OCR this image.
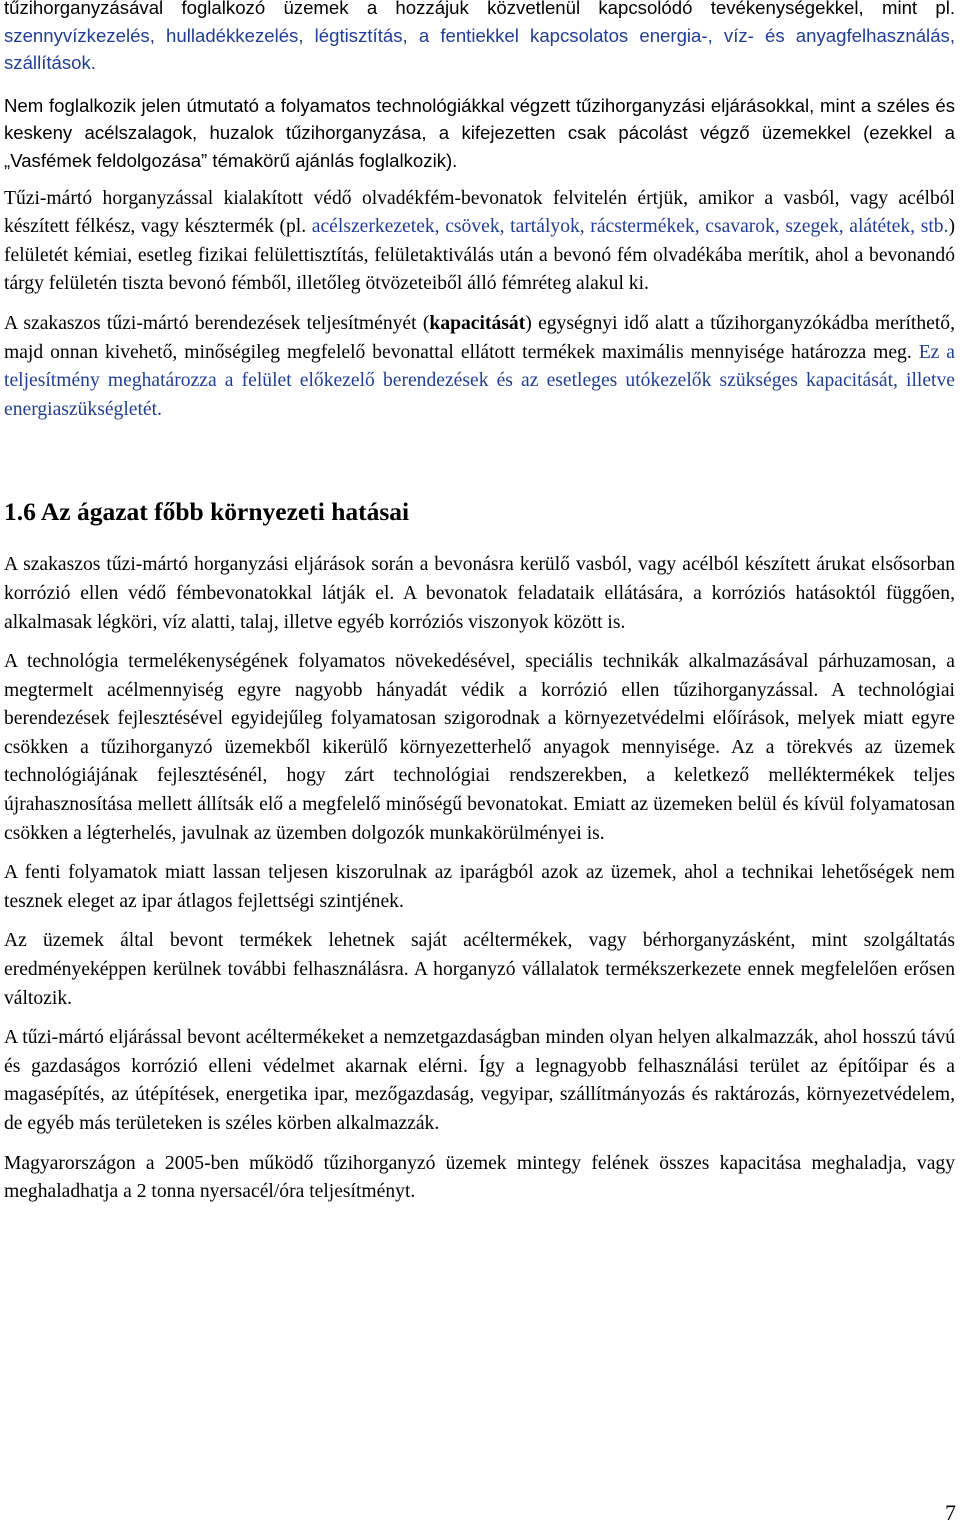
tűzihorganyzásával foglalkozó üzemek a hozzájuk közvetlenül kapcsolódó tevékenységekkel, mint pl. szennyvízkezelés, hulladékkezelés, légtisztítás, a fentiekkel kapcsolatos energia-, víz- és anyagfelhasználás, szállítások.

Nem foglalkozik jelen útmutató a folyamatos technológiákkal végzett tűzihorganyzási eljárásokkal, mint a széles és keskeny acélszalagok, huzalok tűzihorganyzása, a kifejezetten csak pácolást végző üzemekkel (ezekkel a „Vasfémek feldolgozása” témakörű ajánlás foglalkozik).

Tűzi-mártó horganyzással kialakított védő olvadékfém-bevonatok felvitelén értjük, amikor a vasból, vagy acélból készített félkész, vagy késztermék (pl. acélszerkezetek, csövek, tartályok, rácstermékek, csavarok, szegek, alátétek, stb.) felületét kémiai, esetleg fizikai felülettisztítás, felületaktiválás után a bevonó fém olvadékába merítik, ahol a bevonandó tárgy felületén tiszta bevonó fémből, illetőleg ötvözeteiből álló fémréteg alakul ki.

A szakaszos tűzi-mártó berendezések teljesítményét (kapacitását) egységnyi idő alatt a tűzihorganyzókádba meríthető, majd onnan kivehető, minőségileg megfelelő bevonattal ellátott termékek maximális mennyisége határozza meg. Ez a teljesítmény meghatározza a felület előkezelő berendezések és az esetleges utókezelők szükséges kapacitását, illetve energiaszükségletét.

1.6 Az ágazat főbb környezeti hatásai

A szakaszos tűzi-mártó horganyzási eljárások során a bevonásra kerülő vasból, vagy acélból készített árukat elsősorban korrózió ellen védő fémbevonatokkal látják el. A bevonatok feladataik ellátására, a korróziós hatásoktól függően, alkalmasak légköri, víz alatti, talaj, illetve egyéb korróziós viszonyok között is.

A technológia termelékenységének folyamatos növekedésével, speciális technikák alkalmazásával párhuzamosan, a megtermelt acélmennyiség egyre nagyobb hányadát védik a korrózió ellen tűzihorganyzással. A technológiai berendezések fejlesztésével egyidejűleg folyamatosan szigorodnak a környezetvédelmi előírások, melyek miatt egyre csökken a tűzihorganyzó üzemekből kikerülő környezetterhelő anyagok mennyisége. Az a törekvés az üzemek technológiájának fejlesztésénél, hogy zárt technológiai rendszerekben, a keletkező melléktermékek teljes újrahasznosítása mellett állítsák elő a megfelelő minőségű bevonatokat. Emiatt az üzemeken belül és kívül folyamatosan csökken a légterhelés, javulnak az üzemben dolgozók munkakörülményei is.

A fenti folyamatok miatt lassan teljesen kiszorulnak az iparágból azok az üzemek, ahol a technikai lehetőségek nem tesznek eleget az ipar átlagos fejlettségi szintjének.

Az üzemek által bevont termékek lehetnek saját acéltermékek, vagy bérhorganyzásként, mint szolgáltatás eredményeképpen kerülnek további felhasználásra. A horganyzó vállalatok termékszerkezete ennek megfelelően erősen változik.

A tűzi-mártó eljárással bevont acéltermékeket a nemzetgazdaságban minden olyan helyen alkalmazzák, ahol hosszú távú és gazdaságos korrózió elleni védelmet akarnak elérni. Így a legnagyobb felhasználási terület az építőipar és a magasépítés, az útépítések, energetika ipar, mezőgazdaság, vegyipar, szállítmányozás és raktározás, környezetvédelem, de egyéb más területeken is széles körben alkalmazzák.

Magyarországon a 2005-ben működő tűzihorganyzó üzemek mintegy felének összes kapacitása meghaladja, vagy meghaladhatja a 2 tonna nyersacél/óra teljesítményt.

7
